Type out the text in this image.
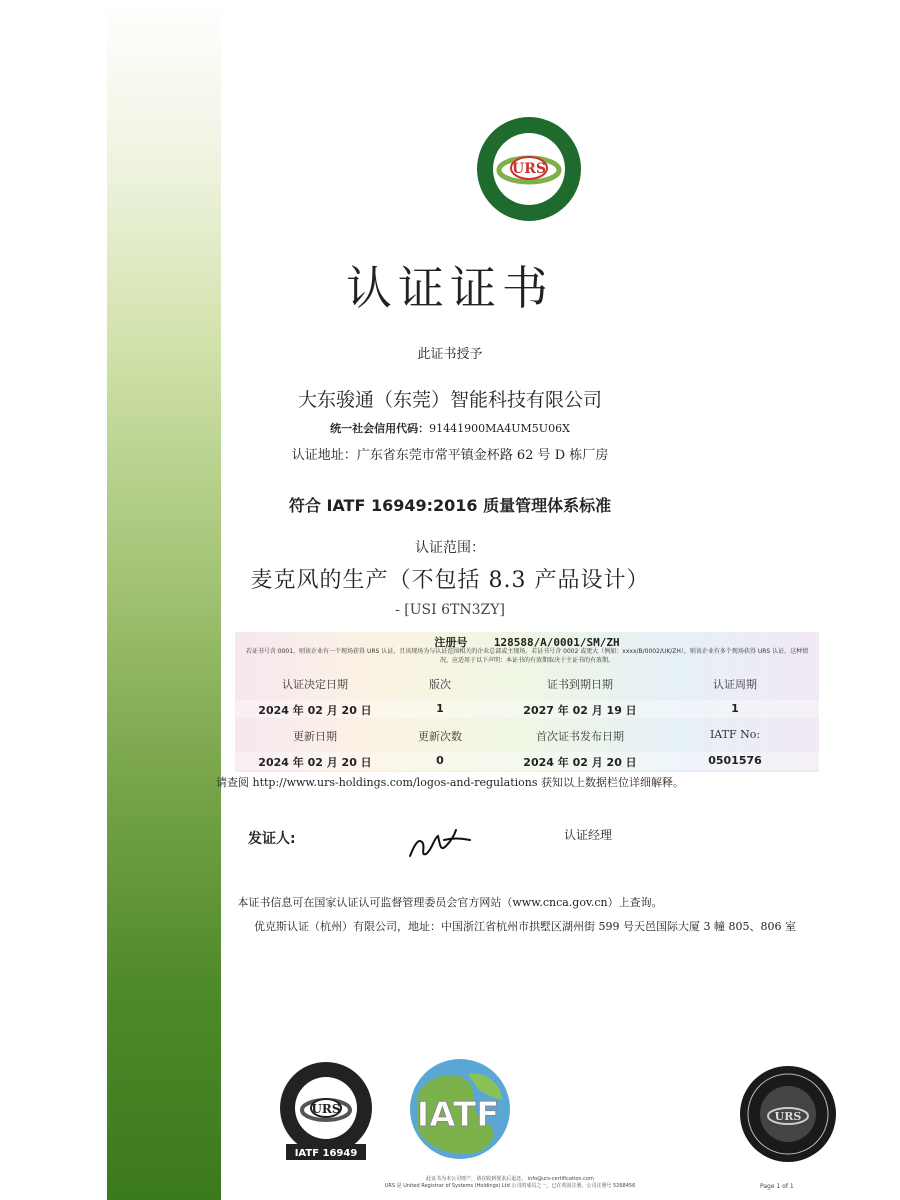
URS
认证证书
此证书授予
大东骏通（东莞）智能科技有限公司
统一社会信用代码：91441900MA4UM5U06X
认证地址：广东省东莞市常平镇金杯路 62 号 D 栋厂房
符合 IATF 16949:2016 质量管理体系标准
认证范围：
麦克风的生产（不包括 8.3 产品设计）
- [USI 6TN3ZY]
注册号 128588/A/0001/SM/ZH
若证书号含 0001，则该企业有一个现场获得 URS 认证，且该现场为与认证范围相关的企业总部或主现场。若证书号含 0002 或更大（例如：xxxx/B/0002/UK/ZH），则该企业有多个现场获得 URS 认证，这种情况，应适用于以下声明：本证书的有效期取决于主证书的有效期。
认证决定日期	版次	证书到期日期	认证周期
2024 年 02 月 20 日	1	2027 年 02 月 19 日	1
更新日期	更新次数	首次证书发布日期	IATF No:
2024 年 02 月 20 日	0	2024 年 02 月 20 日	0501576
请查阅 http://www.urs-holdings.com/logos-and-regulations 获知以上数据栏位详细解释。
发证人:	认证经理
本证书信息可在国家认证认可监督管理委员会官方网站（www.cnca.gov.cn）上查询。
优克斯认证（杭州）有限公司，地址：中国浙江省杭州市拱墅区湖州街 599 号天邑国际大厦 3 幢 805、806 室
URS
IATF 16949
IATF	URS
此证书为本公司财产，请在收到要求后退还。 info@urs-certification.com
URS 是 United Registrar of Systems (Holdings) Ltd 公司的成员之一，已在英国注册。公司注册号 5268456	Page 1 of 1
